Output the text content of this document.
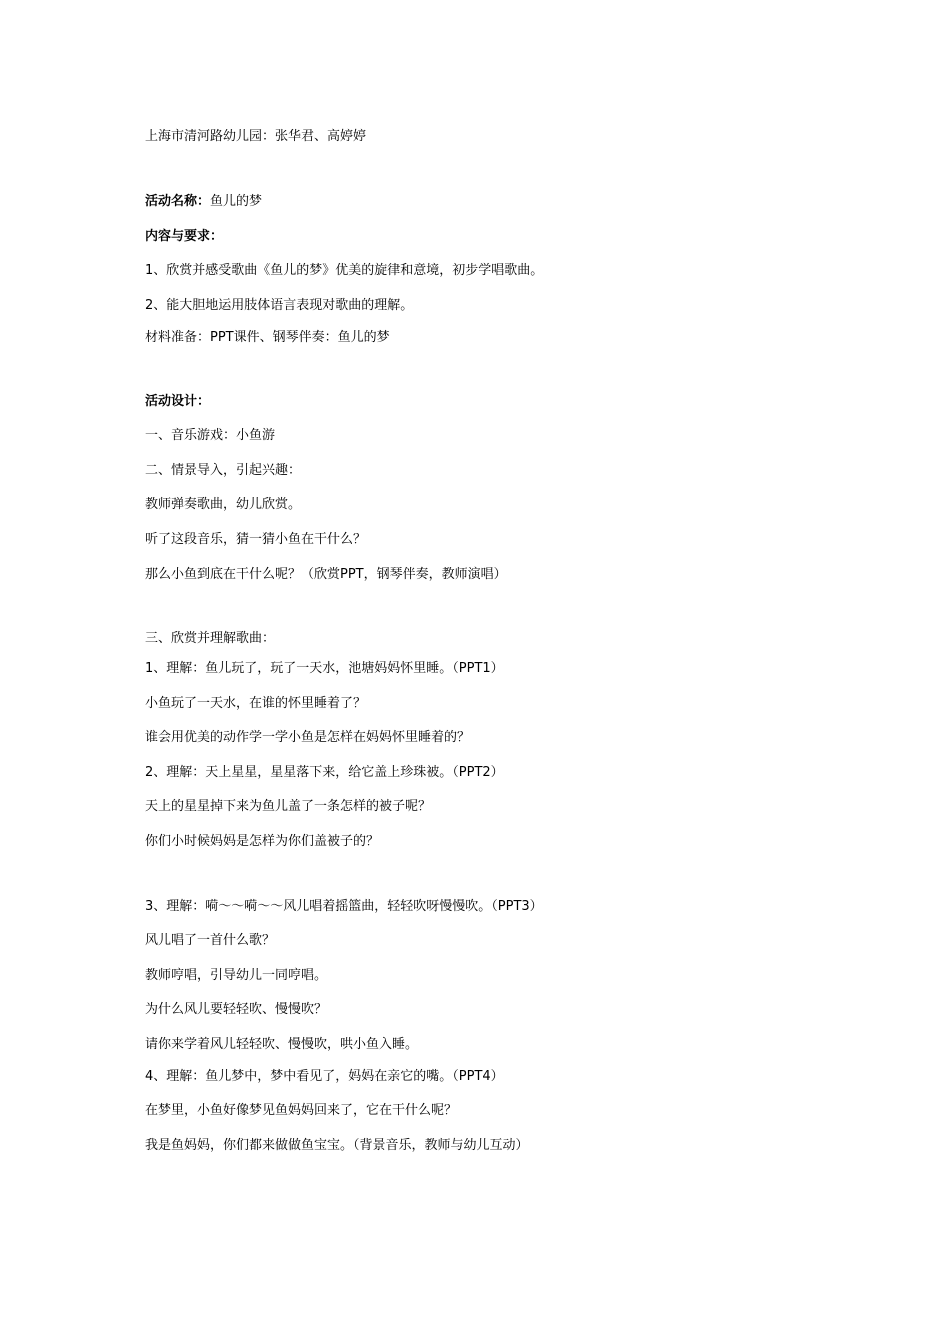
上海市清河路幼儿园：张华君、高婷婷
活动名称：鱼儿的梦
内容与要求：
1、欣赏并感受歌曲《鱼儿的梦》优美的旋律和意境，初步学唱歌曲。
2、能大胆地运用肢体语言表现对歌曲的理解。
材料准备：PPT课件、钢琴伴奏：鱼儿的梦
活动设计：
一、音乐游戏：小鱼游
二、情景导入，引起兴趣：
教师弹奏歌曲，幼儿欣赏。
听了这段音乐，猜一猜小鱼在干什么？
那么小鱼到底在干什么呢？（欣赏PPT，钢琴伴奏，教师演唱）
三、欣赏并理解歌曲：
1、理解：鱼儿玩了，玩了一天水，池塘妈妈怀里睡。（PPT1）
小鱼玩了一天水，在谁的怀里睡着了？
谁会用优美的动作学一学小鱼是怎样在妈妈怀里睡着的？
2、理解：天上星星，星星落下来，给它盖上珍珠被。（PPT2）
天上的星星掉下来为鱼儿盖了一条怎样的被子呢？
你们小时候妈妈是怎样为你们盖被子的？
3、理解：嗬～～嗬～～风儿唱着摇篮曲，轻轻吹呀慢慢吹。（PPT3）
风儿唱了一首什么歌？
教师哼唱，引导幼儿一同哼唱。
为什么风儿要轻轻吹、慢慢吹？
请你来学着风儿轻轻吹、慢慢吹，哄小鱼入睡。
4、理解：鱼儿梦中，梦中看见了，妈妈在亲它的嘴。（PPT4）
在梦里，小鱼好像梦见鱼妈妈回来了，它在干什么呢？
我是鱼妈妈，你们都来做做鱼宝宝。（背景音乐，教师与幼儿互动）
